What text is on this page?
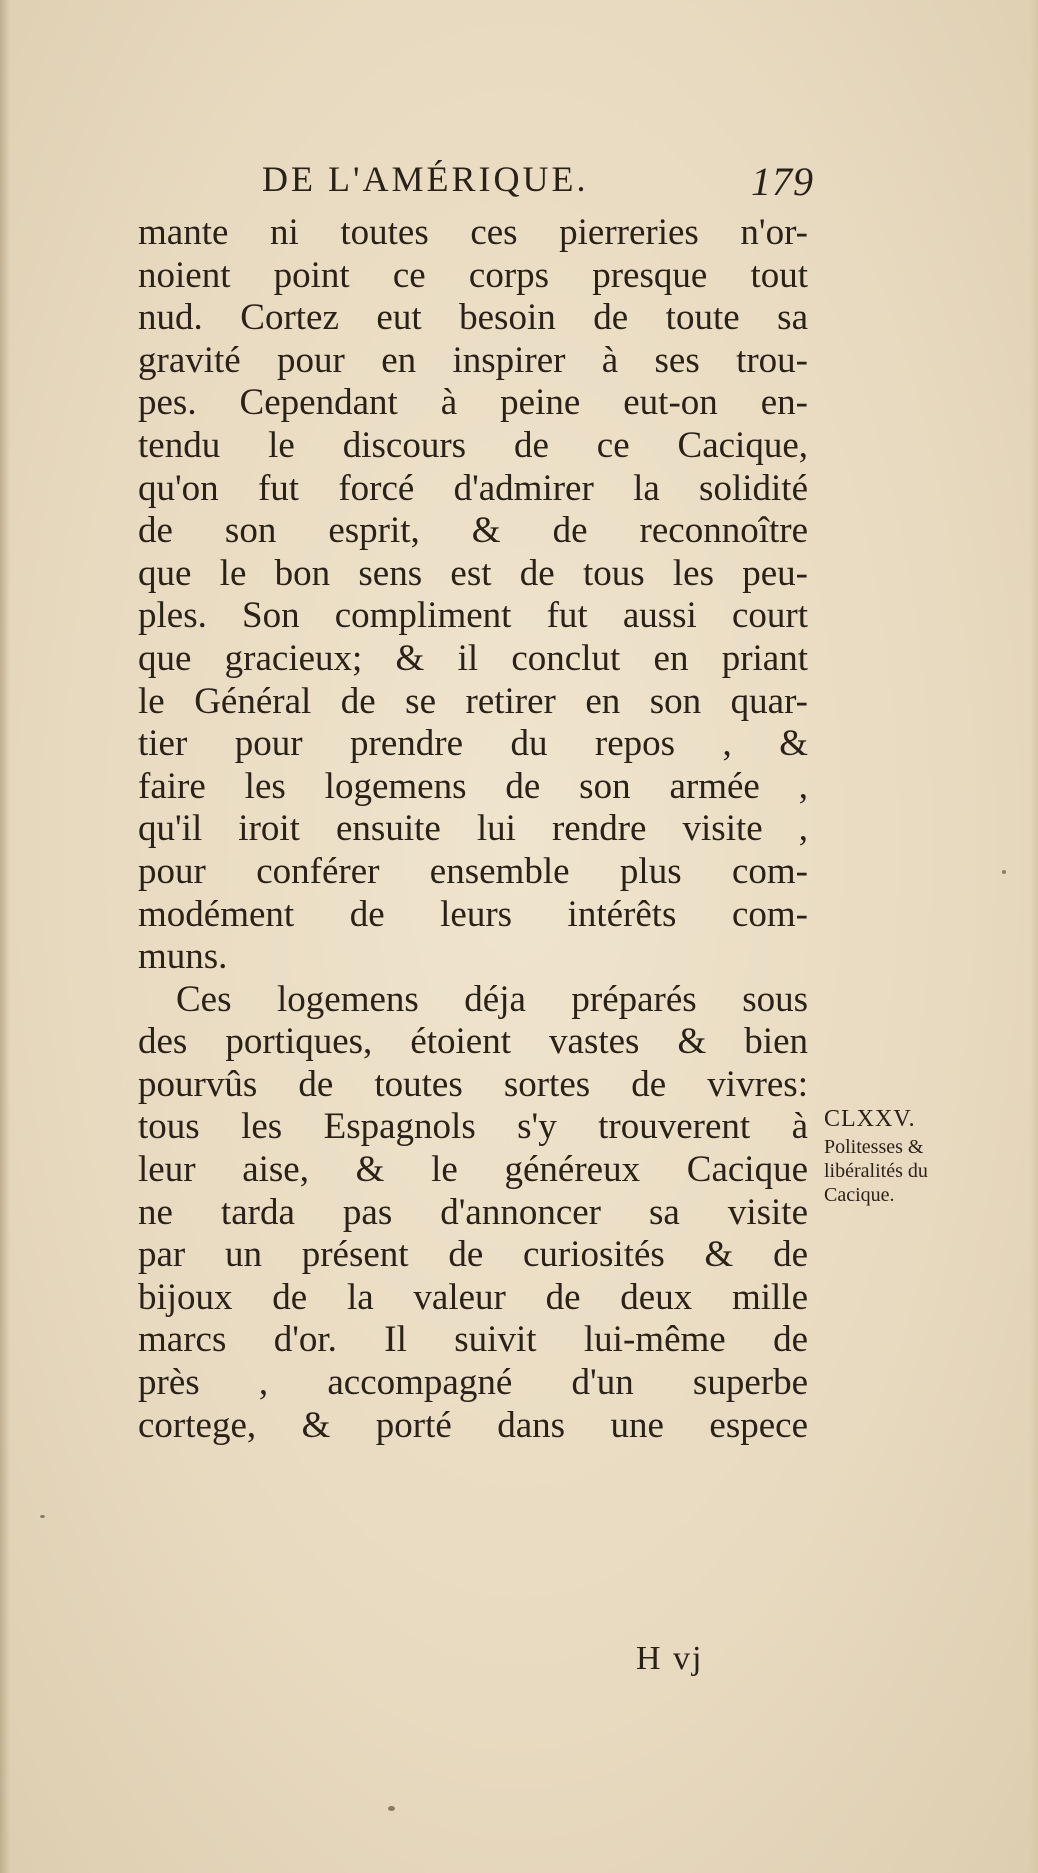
DE L'AMÉRIQUE.	179
mante ni toutes ces pierreries n'or-
noient point ce corps presque tout
nud. Cortez eut besoin de toute sa
gravité pour en inspirer à ses trou-
pes. Cependant à peine eut-on en-
tendu le discours de ce Cacique,
qu'on fut forcé d'admirer la solidité
de son esprit, & de reconnoître
que le bon sens est de tous les peu-
ples. Son compliment fut aussi court
que gracieux; & il conclut en priant
le Général de se retirer en son quar-
tier pour prendre du repos , &
faire les logemens de son armée ,
qu'il iroit ensuite lui rendre visite ,
pour conférer ensemble plus com-
modément de leurs intérêts com-
muns.
Ces logemens déja préparés sous
des portiques, étoient vastes & bien
pourvûs de toutes sortes de vivres:
tous les Espagnols s'y trouverent à
leur aise, & le généreux Cacique
ne tarda pas d'annoncer sa visite
par un présent de curiosités & de
bijoux de la valeur de deux mille
marcs d'or. Il suivit lui-même de
près , accompagné d'un superbe
cortege, & porté dans une espece
CLXXV.
Politesses &
libéralités du
Cacique.
H vj
